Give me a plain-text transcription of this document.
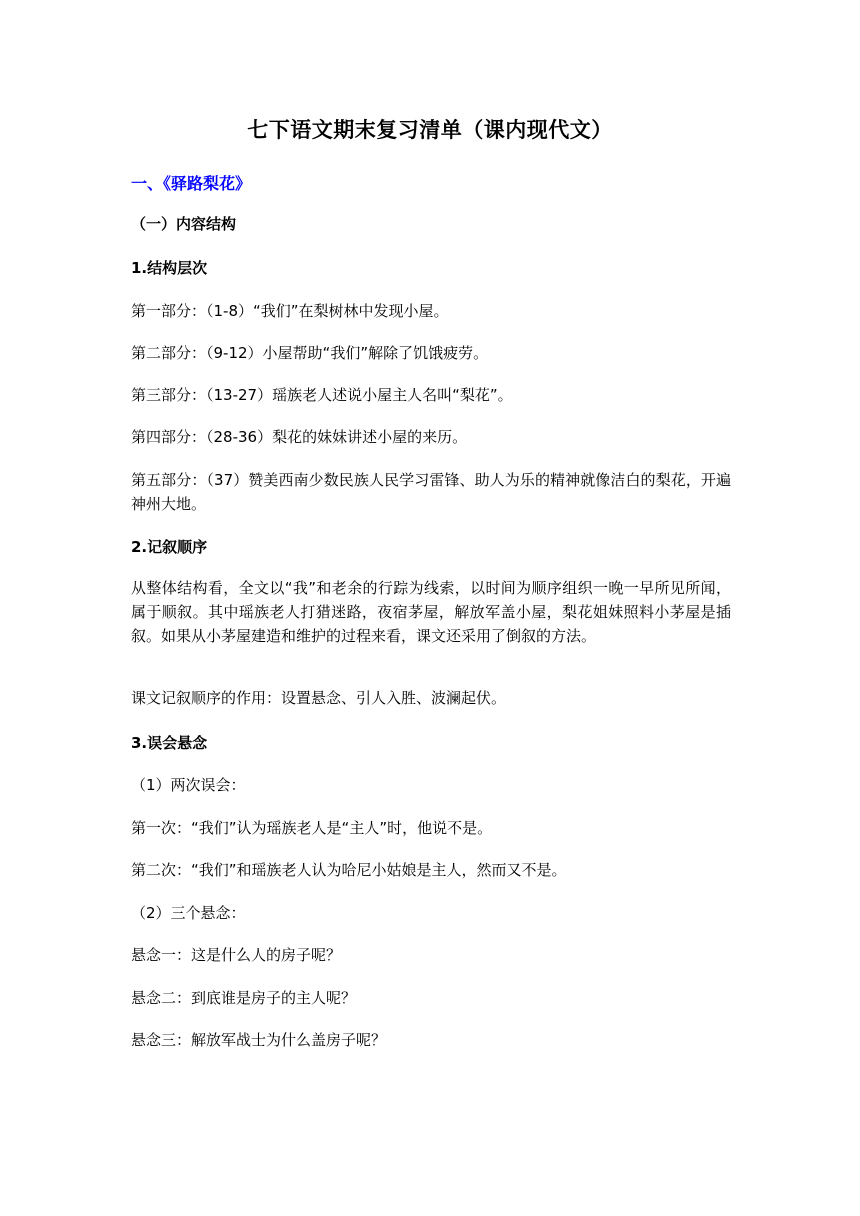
七下语文期末复习清单（课内现代文）
一、《驿路梨花》
（一）内容结构
1.结构层次
第一部分：（1-8）“我们”在梨树林中发现小屋。
第二部分：（9-12）小屋帮助“我们”解除了饥饿疲劳。
第三部分：（13-27）瑶族老人述说小屋主人名叫“梨花”。
第四部分：（28-36）梨花的妹妹讲述小屋的来历。
第五部分：（37）赞美西南少数民族人民学习雷锋、助人为乐的精神就像洁白的梨花，开遍神州大地。
2.记叙顺序
从整体结构看，全文以“我”和老余的行踪为线索，以时间为顺序组织一晚一早所见所闻，属于顺叙。其中瑶族老人打猎迷路，夜宿茅屋，解放军盖小屋，梨花姐妹照料小茅屋是插叙。如果从小茅屋建造和维护的过程来看，课文还采用了倒叙的方法。
课文记叙顺序的作用：设置悬念、引人入胜、波澜起伏。
3.误会悬念
（1）两次误会：
第一次：“我们”认为瑶族老人是“主人”时，他说不是。
第二次：“我们”和瑶族老人认为哈尼小姑娘是主人，然而又不是。
（2）三个悬念：
悬念一：这是什么人的房子呢？
悬念二：到底谁是房子的主人呢？
悬念三：解放军战士为什么盖房子呢？
